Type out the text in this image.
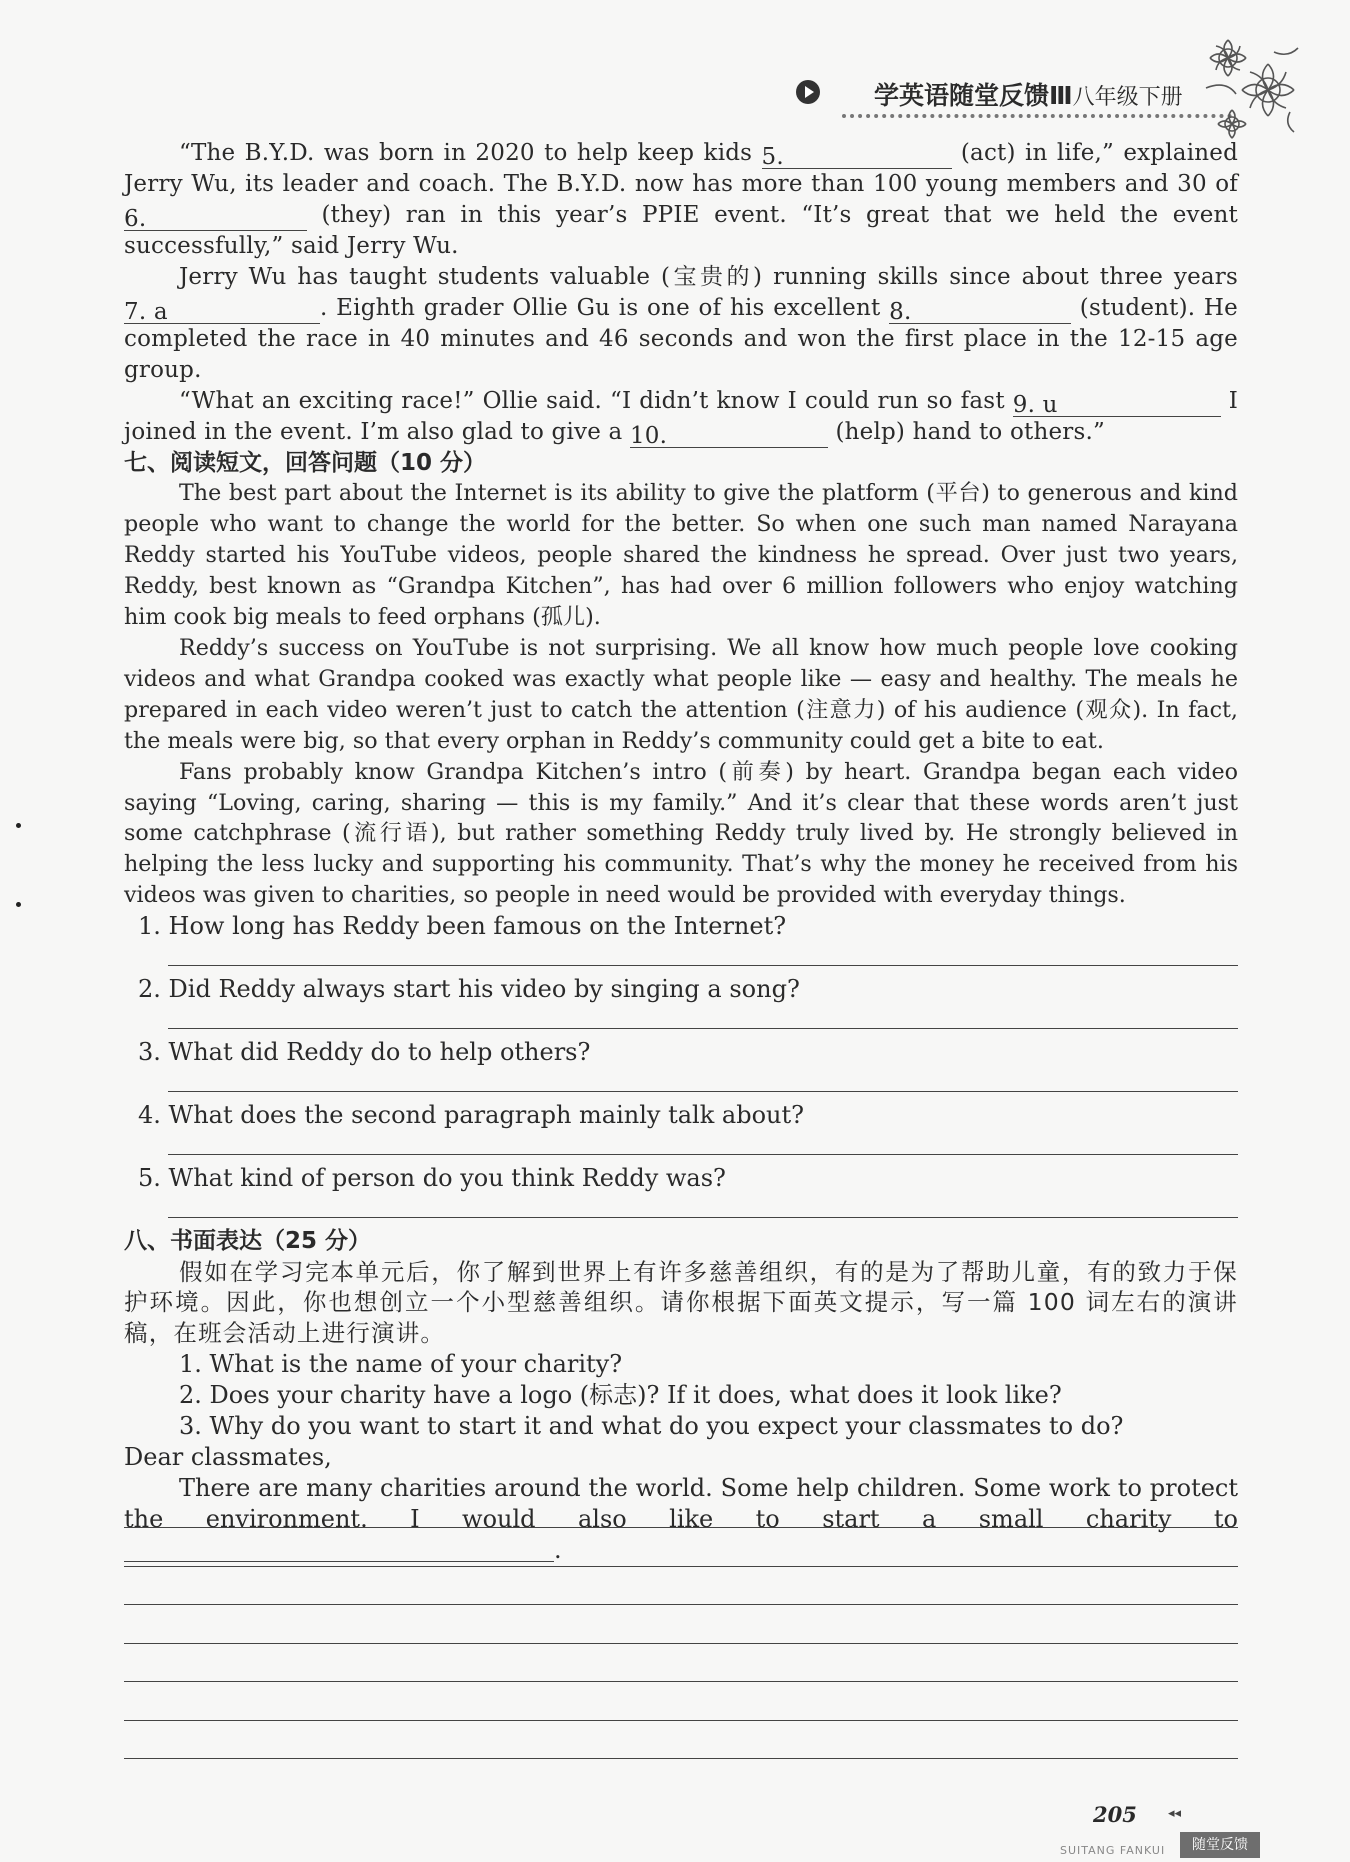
学英语随堂反馈Ⅲ八年级下册

“The B.Y.D. was born in 2020 to help keep kids 5.	(act) in life,” explained Jerry Wu, its leader and coach. The B.Y.D. now has more than 100 young members and 30 of 6.	(they) ran in this year’s PPIE event. “It’s great that we held the event successfully,” said Jerry Wu.

Jerry Wu has taught students valuable (宝贵的) running skills since about three years 7. a	. Eighth grader Ollie Gu is one of his excellent 8.	(student). He completed the race in 40 minutes and 46 seconds and won the first place in the 12-15 age group.

“What an exciting race!” Ollie said. “I didn’t know I could run so fast 9. u	I joined in the event. I’m also glad to give a 10.	(help) hand to others.”

七、阅读短文，回答问题（10 分）

The best part about the Internet is its ability to give the platform (平台) to generous and kind people who want to change the world for the better. So when one such man named Narayana Reddy started his YouTube videos, people shared the kindness he spread. Over just two years, Reddy, best known as “Grandpa Kitchen”, has had over 6 million followers who enjoy watching him cook big meals to feed orphans (孤儿).

Reddy’s success on YouTube is not surprising. We all know how much people love cooking videos and what Grandpa cooked was exactly what people like — easy and healthy. The meals he prepared in each video weren’t just to catch the attention (注意力) of his audience (观众). In fact, the meals were big, so that every orphan in Reddy’s community could get a bite to eat.

Fans probably know Grandpa Kitchen’s intro (前奏) by heart. Grandpa began each video saying “Loving, caring, sharing — this is my family.” And it’s clear that these words aren’t just some catchphrase (流行语), but rather something Reddy truly lived by. He strongly believed in helping the less lucky and supporting his community. That’s why the money he received from his videos was given to charities, so people in need would be provided with everyday things.

1. How long has Reddy been famous on the Internet?

2. Did Reddy always start his video by singing a song?

3. What did Reddy do to help others?

4. What does the second paragraph mainly talk about?

5. What kind of person do you think Reddy was?

八、书面表达（25 分）

假如在学习完本单元后，你了解到世界上有许多慈善组织，有的是为了帮助儿童，有的致力于保护环境。因此，你也想创立一个小型慈善组织。请你根据下面英文提示，写一篇 100 词左右的演讲稿，在班会活动上进行演讲。

1. What is the name of your charity?

2. Does your charity have a logo (标志)? If it does, what does it look like?

3. Why do you want to start it and what do you expect your classmates to do?

Dear classmates,

There are many charities around the world. Some help children. Some work to protect the environment. I would also like to start a small charity to .

205 ◂◂
SUITANG FANKUI	随堂反馈
